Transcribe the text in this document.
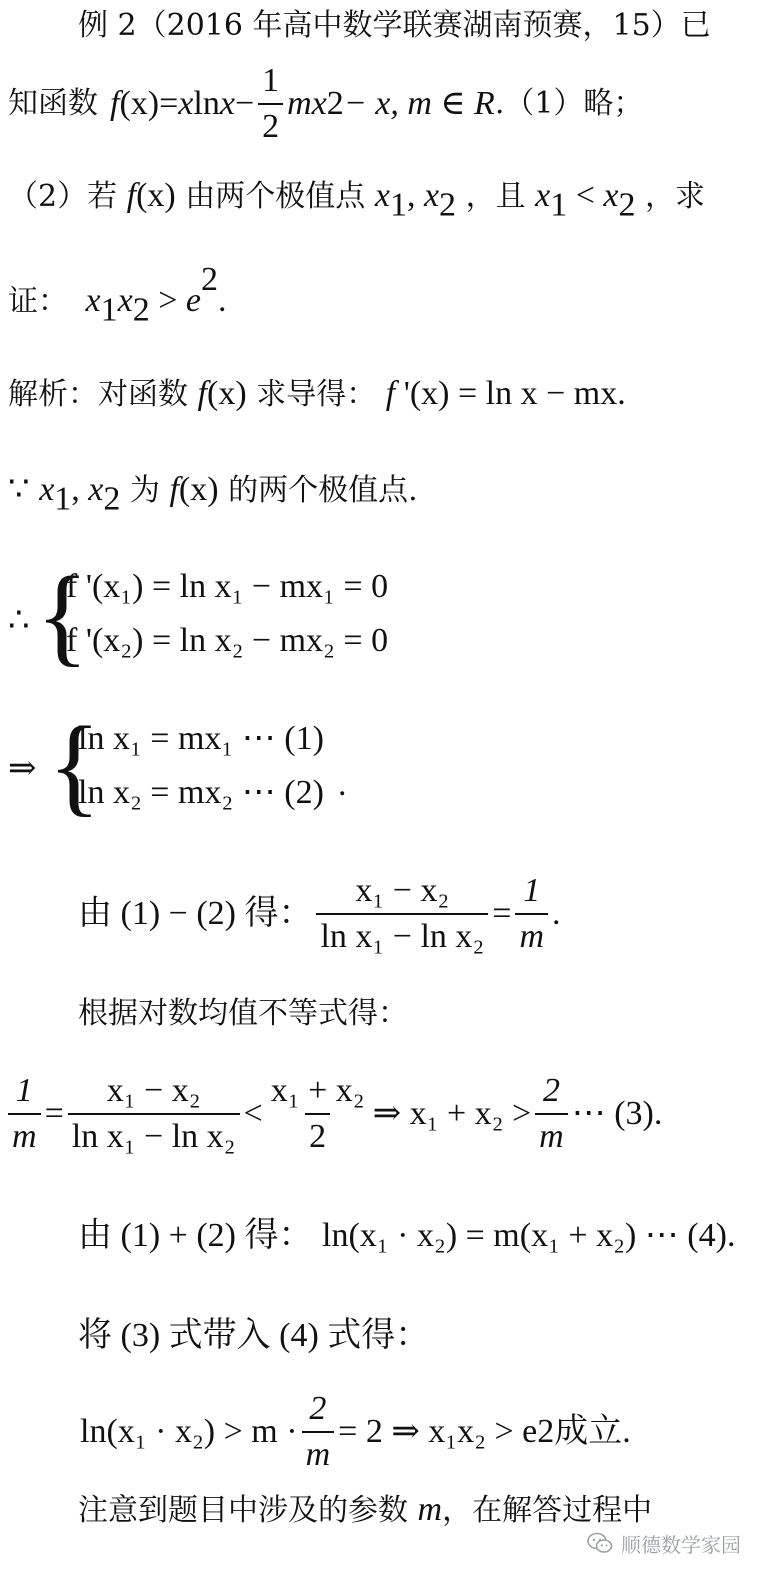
例 2（2016 年高中数学联赛湖南预赛，15）已
知函数 f (x) = x $\ln x - \frac{1}{2}$ mx 2 − x, m ∈ R .（1）略；
（2）若 f(x) 由两个极值点 $x_1$, $x_2$ ，且 $x_1 < x_2$ ，求
证： $x_1x_2 > e^2$.
解析：对函数 f(x) 求导得： f '(x) = ln x − mx.
∵ $x_1$, $x_2$ 为 f(x) 的两个极值点.
∴ {
f '(x₁) = ln x₁ − mx₁ = 0
f '(x₂) = ln x₂ − mx₂ = 0
⇒ {
ln x₁ = mx₁ ⋯ (1)
ln x₂ = mx₂ ⋯ (2) .
由 (1) − (2) 得： $\frac{\text{x₁ − x₂}}{\text{ln x₁ − ln x₂}} = \frac{1}{m}$ .
根据对数均值不等式得：
$\frac{1}{m} = \frac{\text{x₁ − x₂}}{\text{ln x₁ − ln x₂}} < \frac{\text{x₁ + x₂}}{2}$ ⇒ $x_1 + x_2 > \frac{2}{m}$ ⋯ (3) .
由 (1) + (2) 得： ln(x₁ · x₂) = m(x₁ + x₂) ⋯ (4).
将 (3) 式带入 (4) 式得：
$\ln(x_1 \cdot x_2) > m \cdot \frac{2}{m} = 2$ ⇒ x₁x₂ > e 2 成立.
注意到题目中涉及的参数 m，在解答过程中
顺德数学家园
